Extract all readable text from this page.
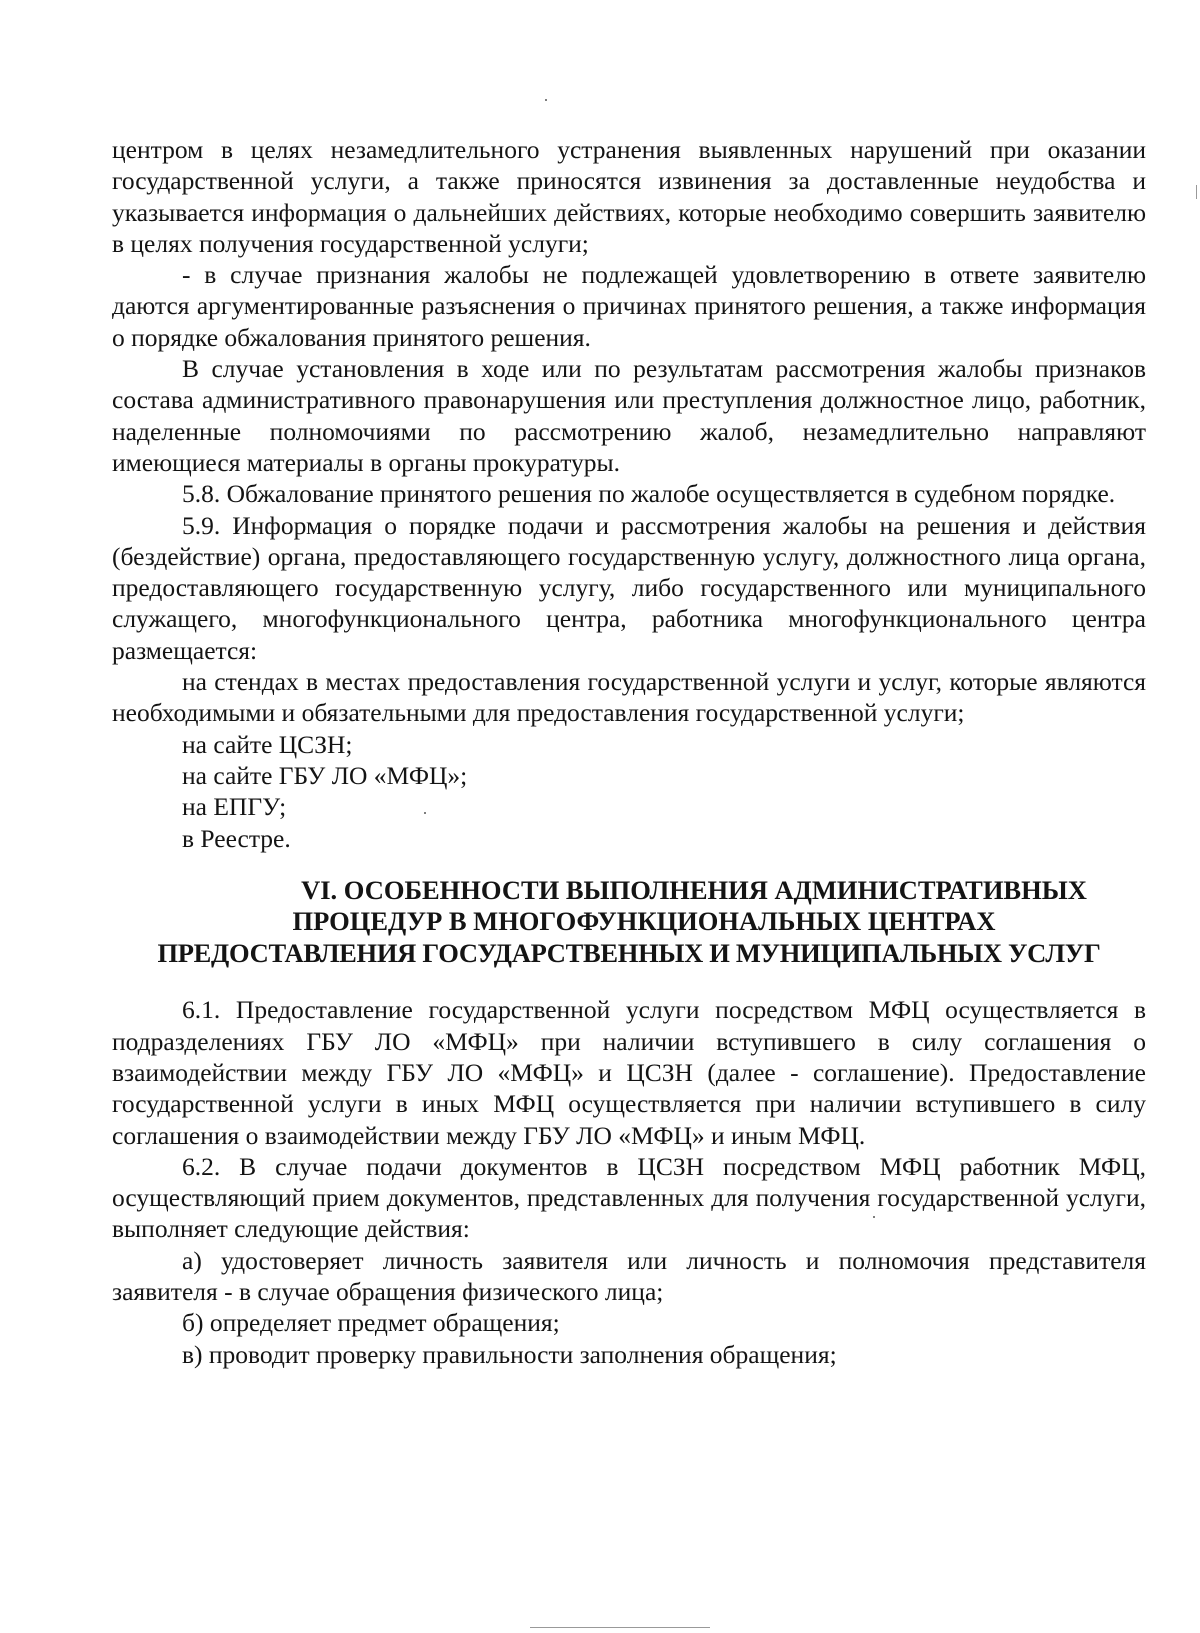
центром в целях незамедлительного устранения выявленных нарушений при оказании государственной услуги, а также приносятся извинения за доставленные неудобства и указывается информация о дальнейших действиях, которые необходимо совершить заявителю в целях получения государственной услуги;

- в случае признания жалобы не подлежащей удовлетворению в ответе заявителю даются аргументированные разъяснения о причинах принятого решения, а также информация о порядке обжалования принятого решения.

В случае установления в ходе или по результатам рассмотрения жалобы признаков состава административного правонарушения или преступления должностное лицо, работник, наделенные полномочиями по рассмотрению жалоб, незамедлительно направляют имеющиеся материалы в органы прокуратуры.

5.8. Обжалование принятого решения по жалобе осуществляется в судебном порядке.

5.9. Информация о порядке подачи и рассмотрения жалобы на решения и действия (бездействие) органа, предоставляющего государственную услугу, должностного лица органа, предоставляющего государственную услугу, либо государственного или муниципального служащего, многофункционального центра, работника многофункционального центра размещается:

на стендах в местах предоставления государственной услуги и услуг, которые являются необходимыми и обязательными для предоставления государственной услуги;

на сайте ЦСЗН;

на сайте ГБУ ЛО «МФЦ»;

на ЕПГУ;

в Реестре.

VI. ОСОБЕННОСТИ ВЫПОЛНЕНИЯ АДМИНИСТРАТИВНЫХ
ПРОЦЕДУР В МНОГОФУНКЦИОНАЛЬНЫХ ЦЕНТРАХ
ПРЕДОСТАВЛЕНИЯ ГОСУДАРСТВЕННЫХ И МУНИЦИПАЛЬНЫХ УСЛУГ

6.1. Предоставление государственной услуги посредством МФЦ осуществляется в подразделениях ГБУ ЛО «МФЦ» при наличии вступившего в силу соглашения о взаимодействии между ГБУ ЛО «МФЦ» и ЦСЗН (далее - соглашение). Предоставление государственной услуги в иных МФЦ осуществляется при наличии вступившего в силу соглашения о взаимодействии между ГБУ ЛО «МФЦ» и иным МФЦ.

6.2. В случае подачи документов в ЦСЗН посредством МФЦ работник МФЦ, осуществляющий прием документов, представленных для получения государственной услуги, выполняет следующие действия:

а) удостоверяет личность заявителя или личность и полномочия представителя заявителя - в случае обращения физического лица;

б) определяет предмет обращения;

в) проводит проверку правильности заполнения обращения;
